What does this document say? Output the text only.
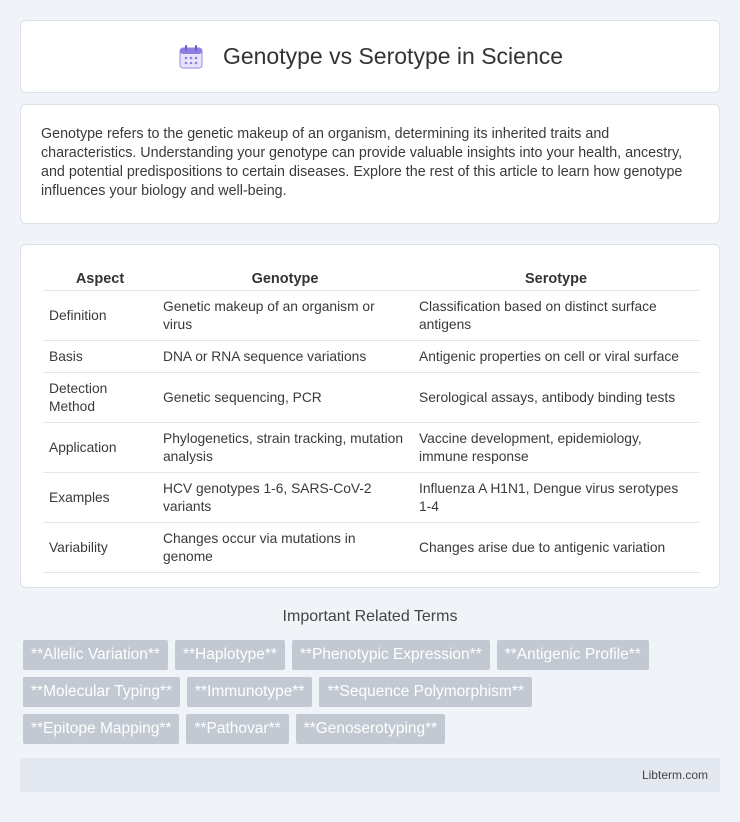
Genotype vs Serotype in Science

Genotype refers to the genetic makeup of an organism, determining its inherited traits and characteristics. Understanding your genotype can provide valuable insights into your health, ancestry, and potential predispositions to certain diseases. Explore the rest of this article to learn how genotype influences your biology and well-being.

Aspect	Genotype	Serotype
Definition	Genetic makeup of an organism or virus	Classification based on distinct surface antigens
Basis	DNA or RNA sequence variations	Antigenic properties on cell or viral surface
Detection Method	Genetic sequencing, PCR	Serological assays, antibody binding tests
Application	Phylogenetics, strain tracking, mutation analysis	Vaccine development, epidemiology, immune response
Examples	HCV genotypes 1-6, SARS-CoV-2 variants	Influenza A H1N1, Dengue virus serotypes 1-4
Variability	Changes occur via mutations in genome	Changes arise due to antigenic variation
Important Related Terms
**Allelic Variation**	**Haplotype**	**Phenotypic Expression**	**Antigenic Profile**
**Molecular Typing**	**Immunotype**	**Sequence Polymorphism**
**Epitope Mapping**	**Pathovar**	**Genoserotyping**
Libterm.com
